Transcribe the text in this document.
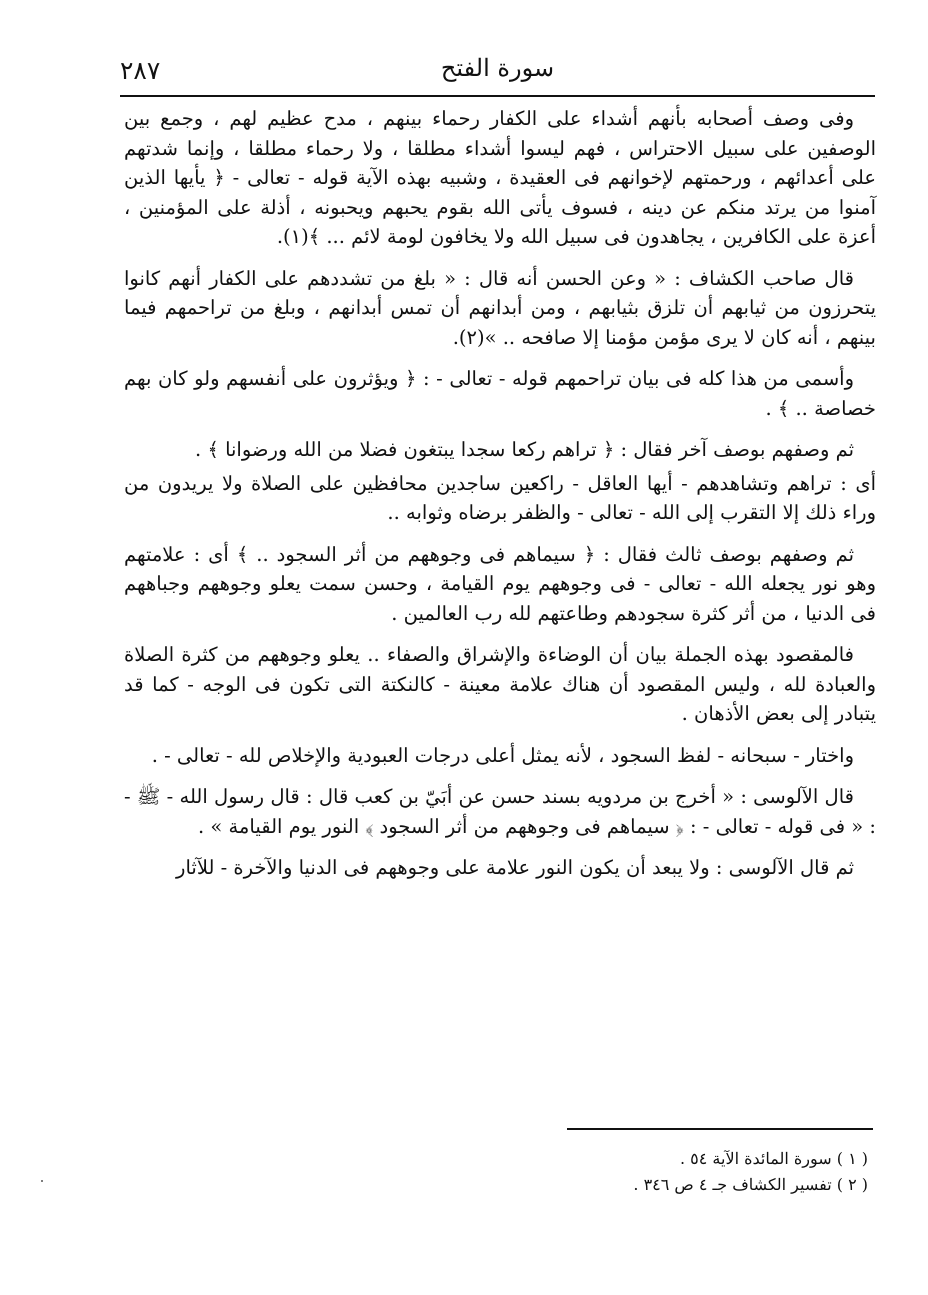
٢٨٧	سورة الفتح

وفى وصف أصحابه بأنهم أشداء على الكفار رحماء بينهم ، مدح عظيم لهم ، وجمع بين الوصفين على سبيل الاحتراس ، فهم ليسوا أشداء مطلقا ، ولا رحماء مطلقا ، وإنما شدتهم على أعدائهم ، ورحمتهم لإخوانهم فى العقيدة ، وشبيه بهذه الآية قوله - تعالى - ﴿ يأيها الذين آمنوا من يرتد منكم عن دينه ، فسوف يأتى الله بقوم يحبهم ويحبونه ، أذلة على المؤمنين ، أعزة على الكافرين ، يجاهدون فى سبيل الله ولا يخافون لومة لائم ... ﴾(١).

قال صاحب الكشاف : « وعن الحسن أنه قال : « بلغ من تشددهم على الكفار أنهم كانوا يتحرزون من ثيابهم أن تلزق بثيابهم ، ومن أبدانهم أن تمس أبدانهم ، وبلغ من تراحمهم فيما بينهم ، أنه كان لا يرى مؤمن مؤمنا إلا صافحه .. »(٢).

وأسمى من هذا كله فى بيان تراحمهم قوله - تعالى - : ﴿ ويؤثرون على أنفسهم ولو كان بهم خصاصة .. ﴾ .

ثم وصفهم بوصف آخر فقال : ﴿ تراهم ركعا سجدا يبتغون فضلا من الله ورضوانا ﴾ .

أى : تراهم وتشاهدهم - أيها العاقل - راكعين ساجدين محافظين على الصلاة ولا يريدون من وراء ذلك إلا التقرب إلى الله - تعالى - والظفر برضاه وثوابه ..

ثم وصفهم بوصف ثالث فقال : ﴿ سيماهم فى وجوههم من أثر السجود .. ﴾ أى : علامتهم وهو نور يجعله الله - تعالى - فى وجوههم يوم القيامة ، وحسن سمت يعلو وجوههم وجباههم فى الدنيا ، من أثر كثرة سجودهم وطاعتهم لله رب العالمين .

فالمقصود بهذه الجملة بيان أن الوضاءة والإشراق والصفاء .. يعلو وجوههم من كثرة الصلاة والعبادة لله ، وليس المقصود أن هناك علامة معينة - كالنكتة التى تكون فى الوجه - كما قد يتبادر إلى بعض الأذهان .

واختار - سبحانه - لفظ السجود ، لأنه يمثل أعلى درجات العبودية والإخلاص لله - تعالى - .

قال الآلوسى : « أخرج بن مردويه بسند حسن عن أبَيّ بن كعب قال : قال رسول الله - ﷺ - : « فى قوله - تعالى - : ﴿ سيماهم فى وجوههم من أثر السجود ﴾ النور يوم القيامة » .

ثم قال الآلوسى : ولا يبعد أن يكون النور علامة على وجوههم فى الدنيا والآخرة - للآثار

( ١ ) سورة المائدة الآية ٥٤ .

( ٢ ) تفسير الكشاف جـ ٤ ص ٣٤٦ .
